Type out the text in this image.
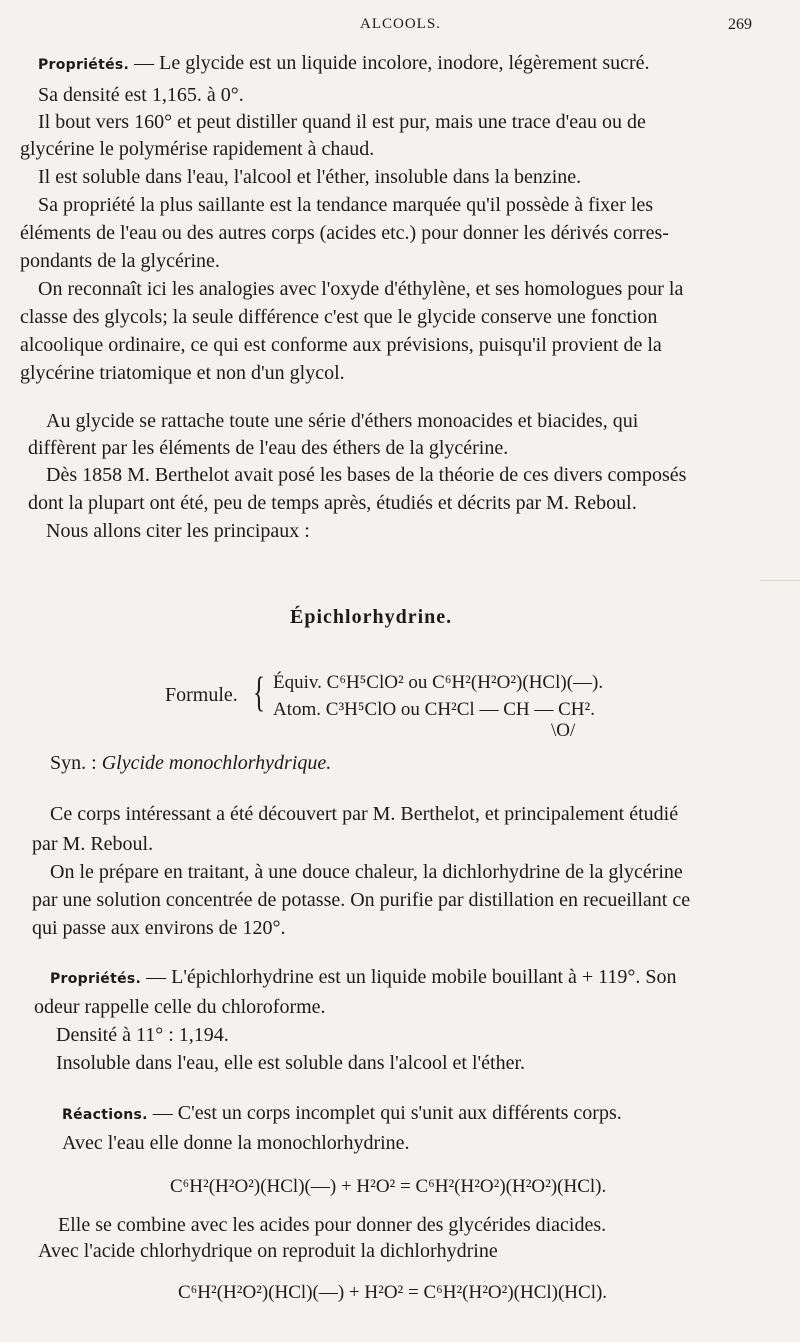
ALCOOLS.	269
Propriétés. — Le glycide est un liquide incolore, inodore, légèrement sucré.
Sa densité est 1,165. à 0°.
Il bout vers 160° et peut distiller quand il est pur, mais une trace d'eau ou de
glycérine le polymérise rapidement à chaud.
Il est soluble dans l'eau, l'alcool et l'éther, insoluble dans la benzine.
Sa propriété la plus saillante est la tendance marquée qu'il possède à fixer les
éléments de l'eau ou des autres corps (acides etc.) pour donner les dérivés corres-
pondants de la glycérine.
On reconnaît ici les analogies avec l'oxyde d'éthylène, et ses homologues pour la
classe des glycols; la seule différence c'est que le glycide conserve une fonction
alcoolique ordinaire, ce qui est conforme aux prévisions, puisqu'il provient de la
glycérine triatomique et non d'un glycol.
Au glycide se rattache toute une série d'éthers monoacides et biacides, qui
diffèrent par les éléments de l'eau des éthers de la glycérine.
Dès 1858 M. Berthelot avait posé les bases de la théorie de ces divers composés
dont la plupart ont été, peu de temps après, étudiés et décrits par M. Reboul.
Nous allons citer les principaux :
Épichlorhydrine.
Formule. { Équiv. C⁶H⁵ClO² ou C⁶H²(H²O²)(HCl)(—).
Atom. C³H⁵ClO ou CH²Cl — CH — CH².
\O/
Syn. : Glycide monochlorhydrique.
Ce corps intéressant a été découvert par M. Berthelot, et principalement étudié
par M. Reboul.
On le prépare en traitant, à une douce chaleur, la dichlorhydrine de la glycérine
par une solution concentrée de potasse. On purifie par distillation en recueillant ce
qui passe aux environs de 120°.
Propriétés. — L'épichlorhydrine est un liquide mobile bouillant à + 119°. Son
odeur rappelle celle du chloroforme.
Densité à 11° : 1,194.
Insoluble dans l'eau, elle est soluble dans l'alcool et l'éther.
Réactions. — C'est un corps incomplet qui s'unit aux différents corps.
Avec l'eau elle donne la monochlorhydrine.
C⁶H²(H²O²)(HCl)(—) + H²O² = C⁶H²(H²O²)(H²O²)(HCl).
Elle se combine avec les acides pour donner des glycérides diacides.
Avec l'acide chlorhydrique on reproduit la dichlorhydrine
C⁶H²(H²O²)(HCl)(—) + H²O² = C⁶H²(H²O²)(HCl)(HCl).
